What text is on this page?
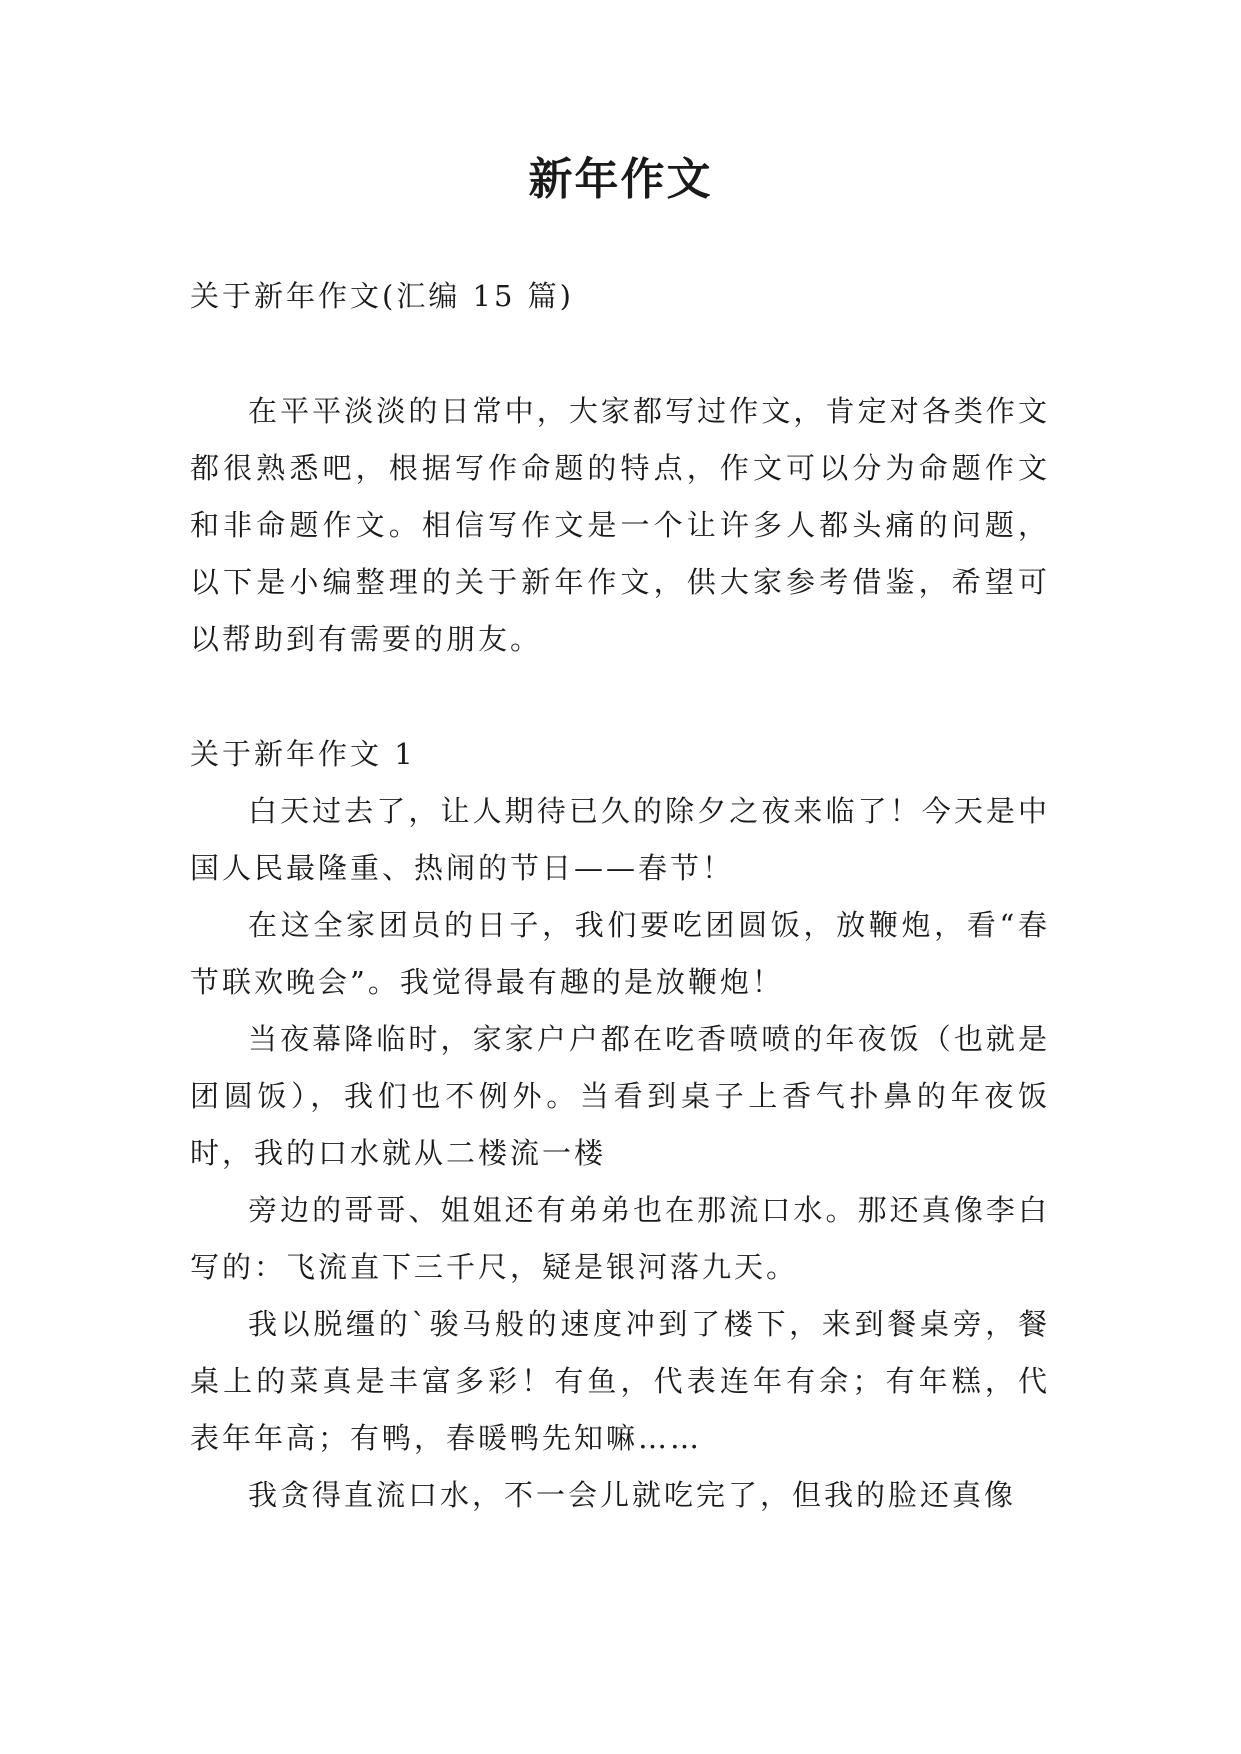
新年作文

关于新年作文(汇编 15 篇)

在平平淡淡的日常中，大家都写过作文，肯定对各类作文都很熟悉吧，根据写作命题的特点，作文可以分为命题作文和非命题作文。相信写作文是一个让许多人都头痛的问题，以下是小编整理的关于新年作文，供大家参考借鉴，希望可以帮助到有需要的朋友。

关于新年作文 1

白天过去了，让人期待已久的除夕之夜来临了！今天是中国人民最隆重、热闹的节日——春节！

在这全家团员的日子，我们要吃团圆饭，放鞭炮，看“春节联欢晚会”。我觉得最有趣的是放鞭炮！

当夜幕降临时，家家户户都在吃香喷喷的年夜饭（也就是团圆饭），我们也不例外。当看到桌子上香气扑鼻的年夜饭时，我的口水就从二楼流一楼

旁边的哥哥、姐姐还有弟弟也在那流口水。那还真像李白写的：飞流直下三千尺，疑是银河落九天。

我以脱缰的`骏马般的速度冲到了楼下，来到餐桌旁，餐桌上的菜真是丰富多彩！有鱼，代表连年有余；有年糕，代表年年高；有鸭，春暖鸭先知嘛……

我贪得直流口水，不一会儿就吃完了，但我的脸还真像
